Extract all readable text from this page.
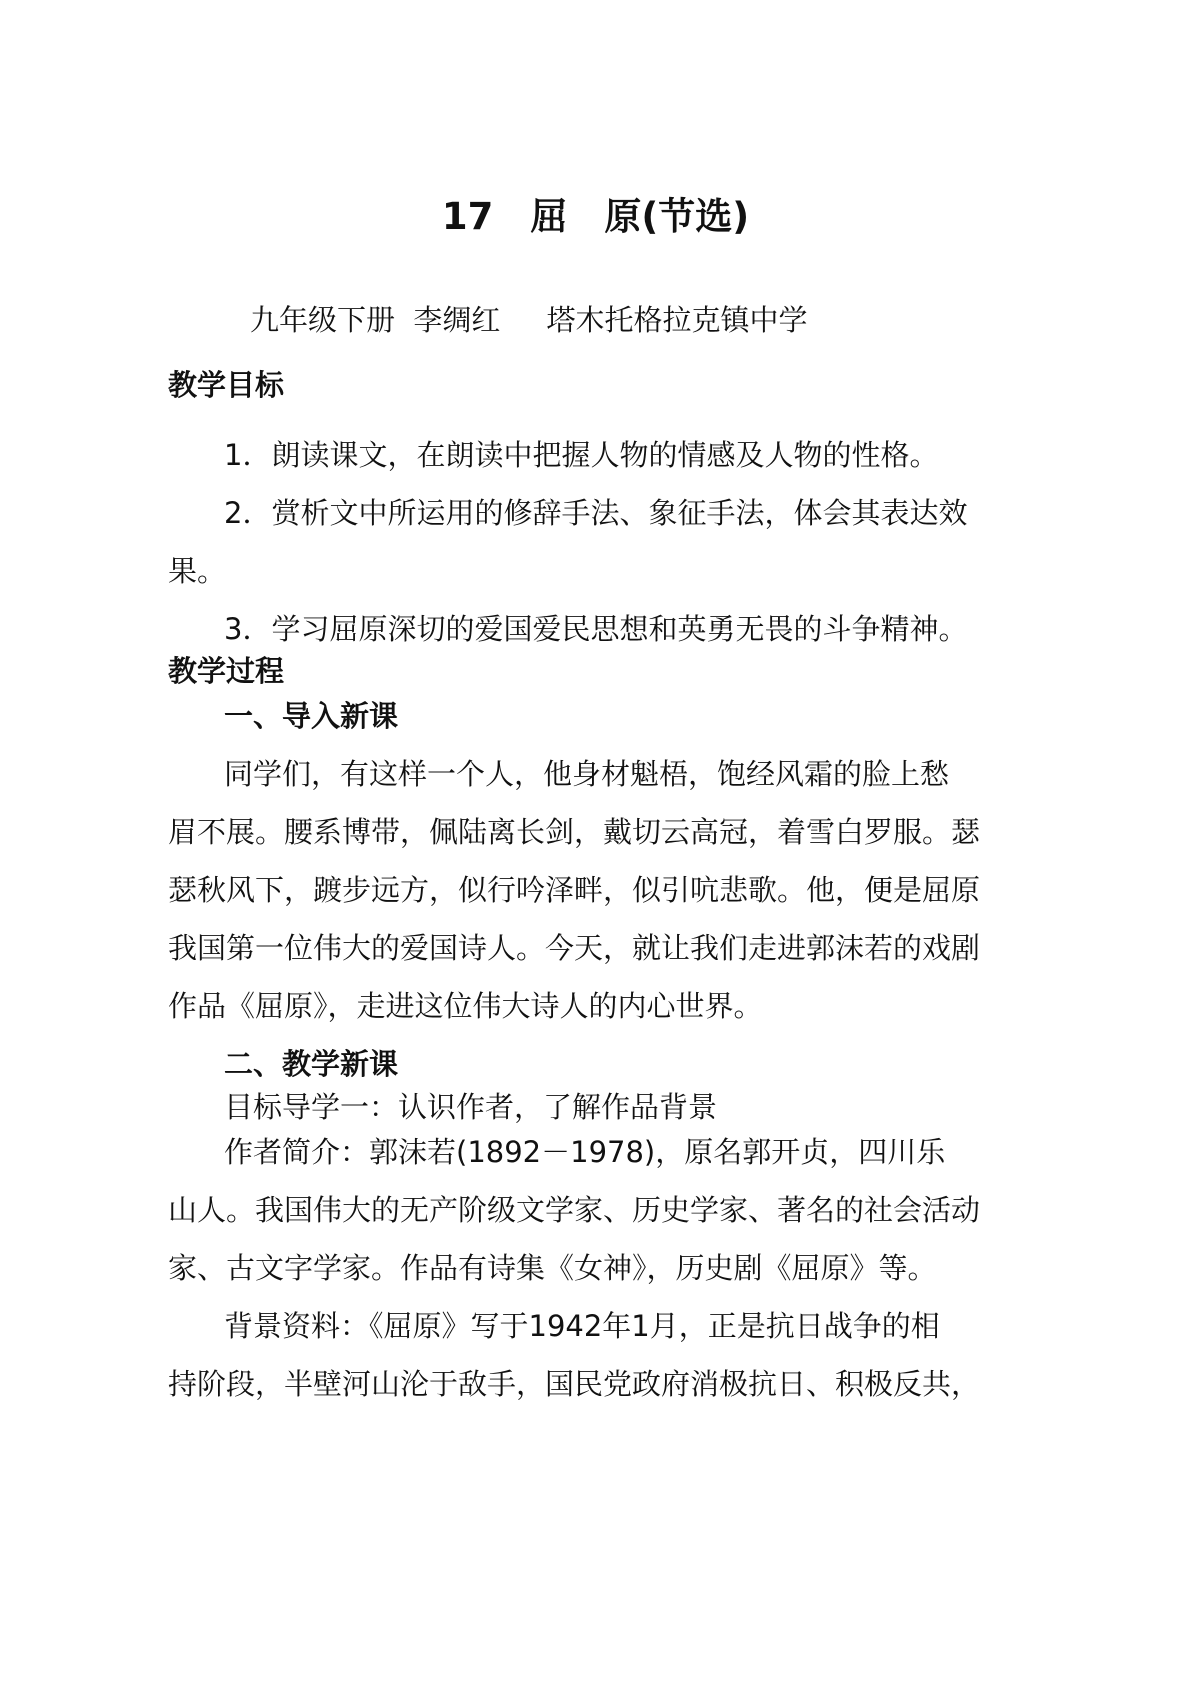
17　屈　原(节选)
九年级下册  李绸红     塔木托格拉克镇中学
教学目标
1．朗读课文，在朗读中把握人物的情感及人物的性格。
2．赏析文中所运用的修辞手法、象征手法，体会其表达效
果。
3．学习屈原深切的爱国爱民思想和英勇无畏的斗争精神。
教学过程
一、导入新课
同学们，有这样一个人，他身材魁梧，饱经风霜的脸上愁
眉不展。腰系博带，佩陆离长剑，戴切云高冠，着雪白罗服。瑟
瑟秋风下，踱步远方，似行吟泽畔，似引吭悲歌。他，便是屈原
我国第一位伟大的爱国诗人。今天，就让我们走进郭沫若的戏剧
作品《屈原》，走进这位伟大诗人的内心世界。
二、教学新课
目标导学一：认识作者，了解作品背景
作者简介：郭沫若(1892－1978)，原名郭开贞，四川乐
山人。我国伟大的无产阶级文学家、历史学家、著名的社会活动
家、古文字学家。作品有诗集《女神》，历史剧《屈原》等。
背景资料：《屈原》写于1942年1月，正是抗日战争的相
持阶段，半壁河山沦于敌手，国民党政府消极抗日、积极反共，
